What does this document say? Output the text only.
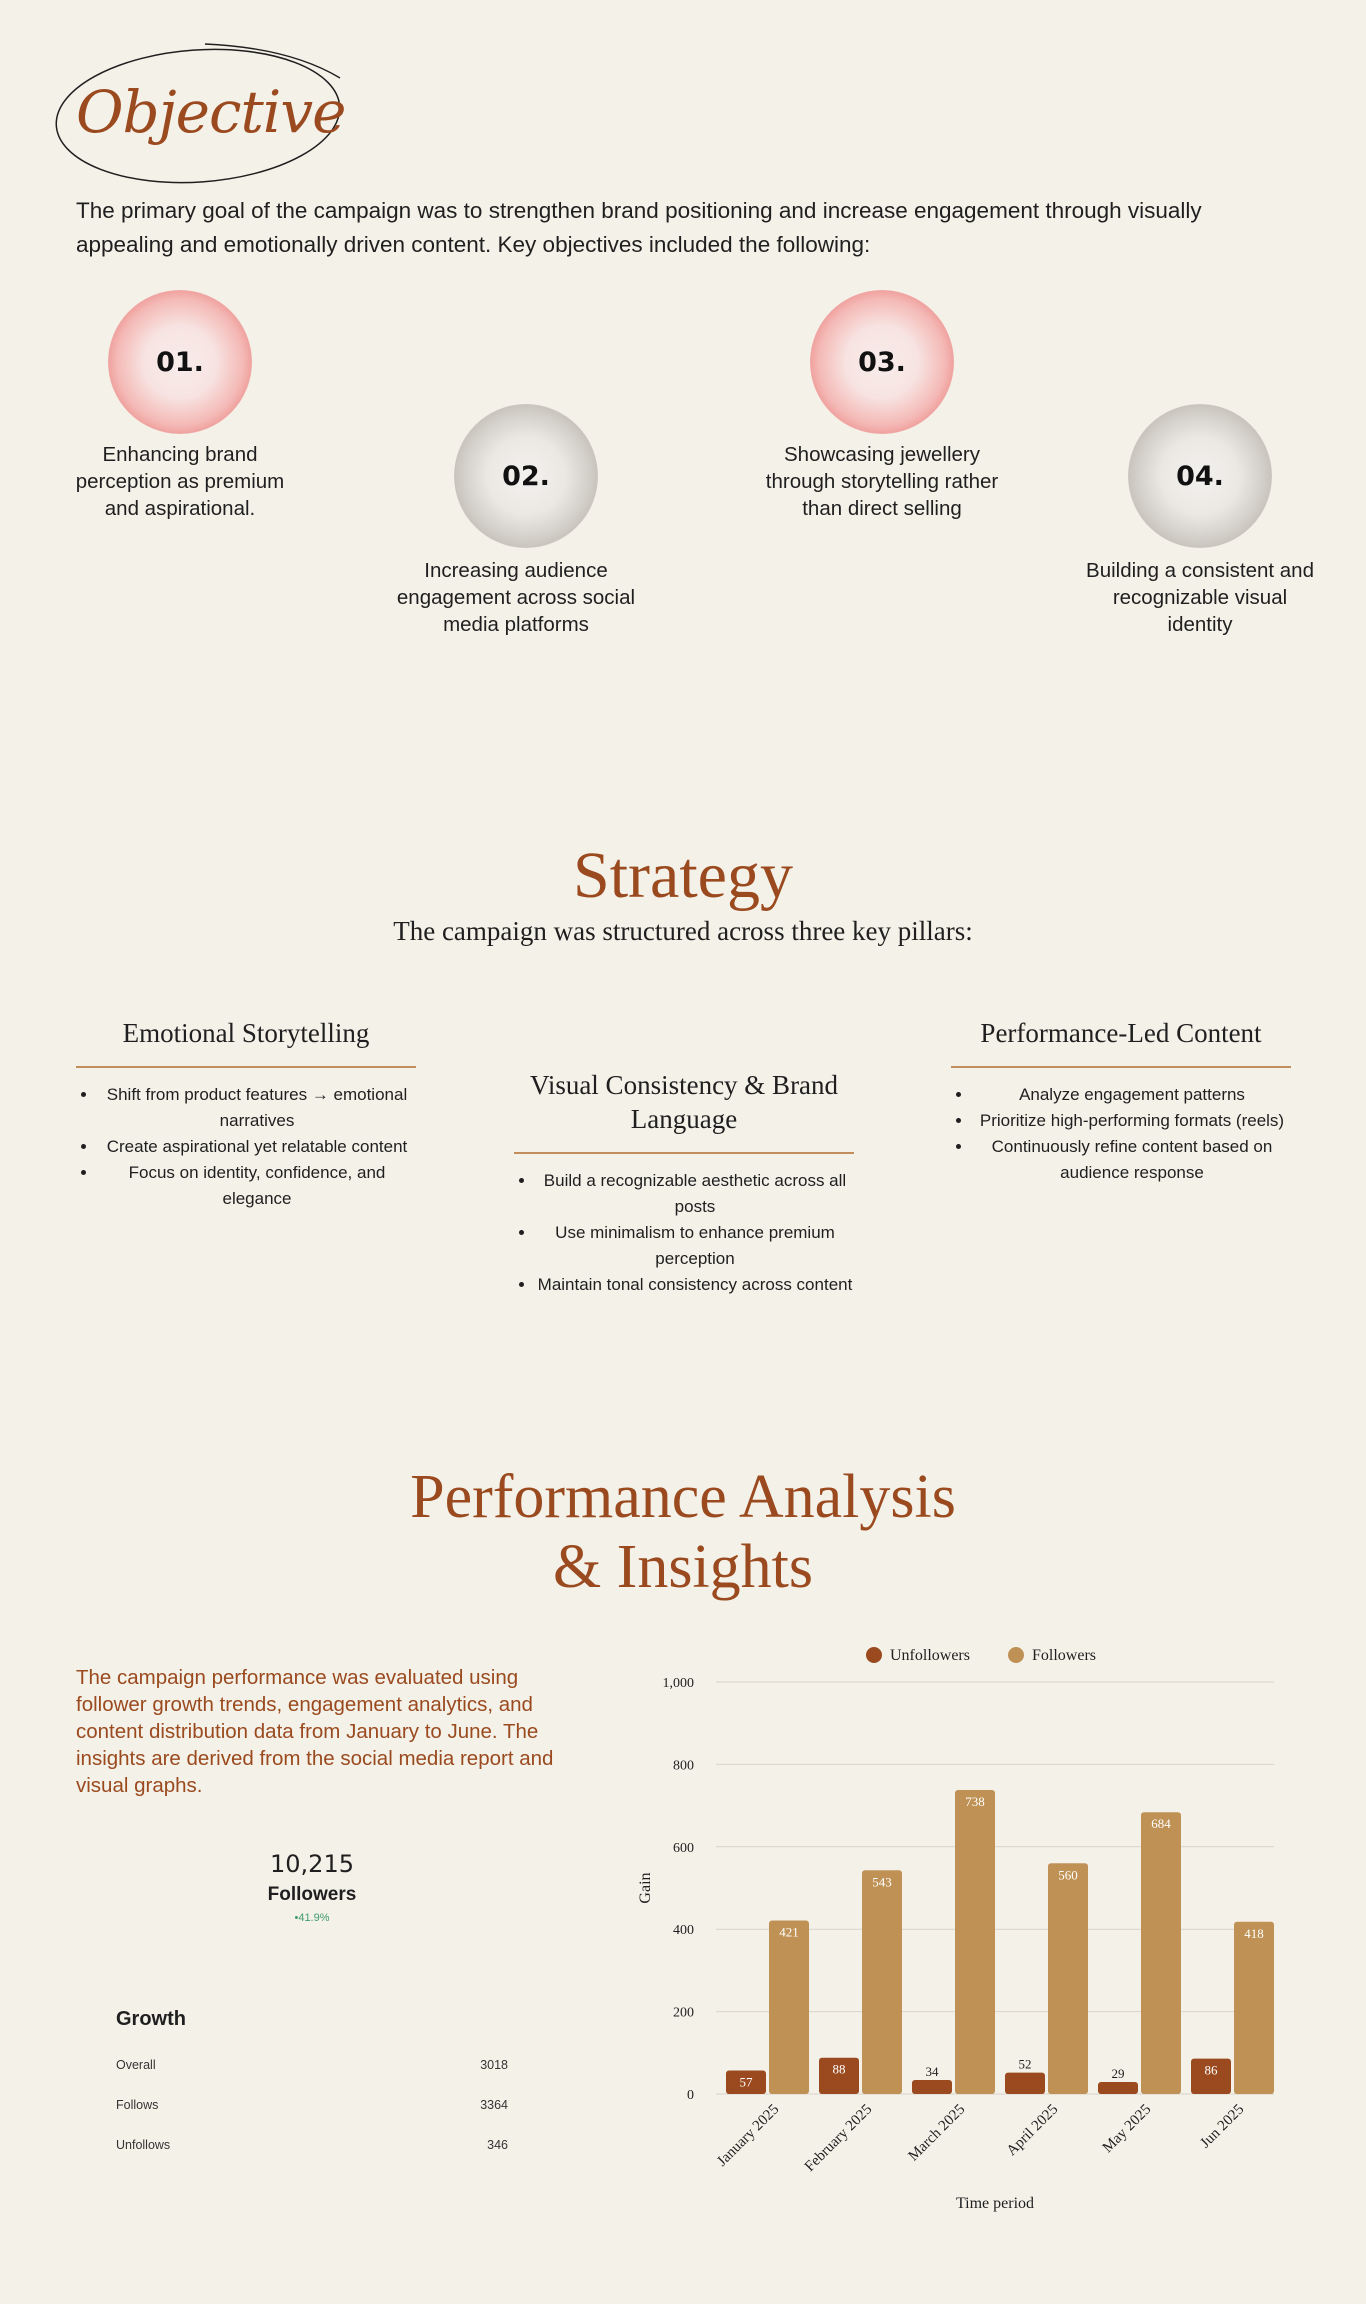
Objective
The primary goal of the campaign was to strengthen brand positioning and increase engagement through visually appealing and emotionally driven content. Key objectives included the following:
01.
Enhancing brand perception as premium and aspirational.
02.
Increasing audience engagement across social media platforms
03.
Showcasing jewellery through storytelling rather than direct selling
04.
Building a consistent and recognizable visual identity
Strategy
The campaign was structured across three key pillars:
Emotional Storytelling
• Shift from product features → emotional narratives
• Create aspirational yet relatable content
• Focus on identity, confidence, and elegance
Visual Consistency & Brand Language
• Build a recognizable aesthetic across all posts
• Use minimalism to enhance premium perception
• Maintain tonal consistency across content
Performance-Led Content
• Analyze engagement patterns
• Prioritize high-performing formats (reels)
• Continuously refine content based on audience response
Performance Analysis & Insights
The campaign performance was evaluated using follower growth trends, engagement analytics, and content distribution data from January to June. The insights are derived from the social media report and visual graphs.
10,215
Followers
•41.9%
Growth
Overall	3018
Follows	3364
Unfollows	346
0
200
400
600
800
1,000
Unfollowers	Followers
57
421
January 2025
88
543
February 2025
34
738
March 2025
52
560
April 2025
29
684
May 2025
86
418
Jun 2025
Time period
Gain
